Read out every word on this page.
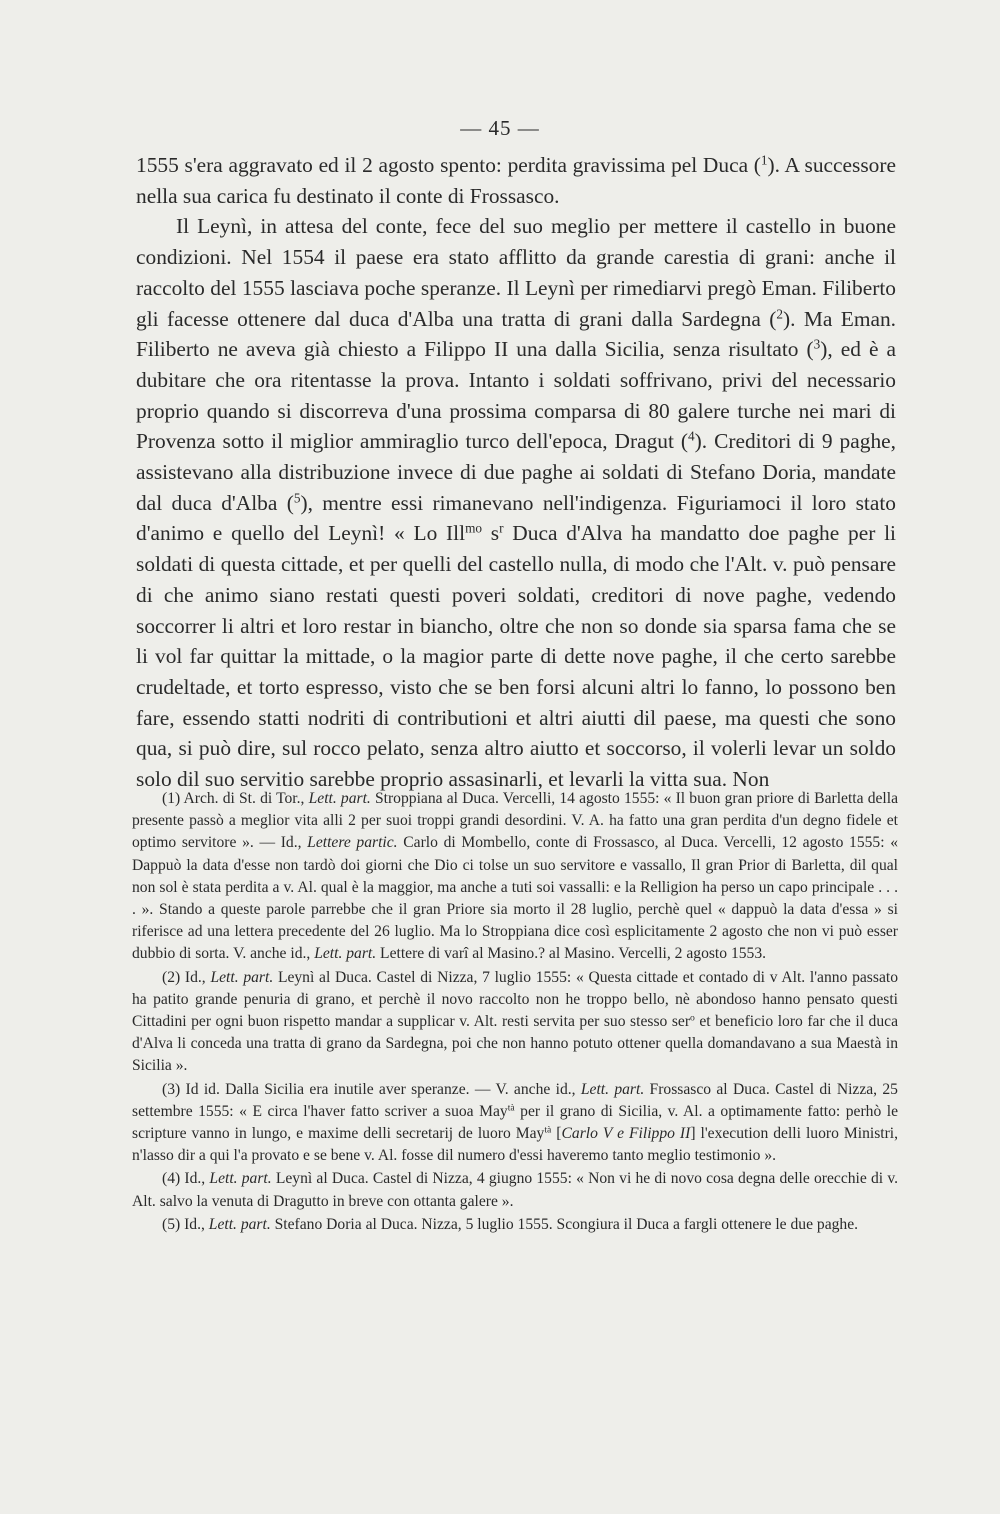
— 45 —

1555 s'era aggravato ed il 2 agosto spento: perdita gravissima pel Duca ($^1$). A successore nella sua carica fu destinato il conte di Frossasco.

Il Leynì, in attesa del conte, fece del suo meglio per mettere il castello in buone condizioni. Nel 1554 il paese era stato afflitto da grande carestia di grani: anche il raccolto del 1555 lasciava poche speranze. Il Leynì per rimediarvi pregò Eman. Filiberto gli facesse ottenere dal duca d'Alba una tratta di grani dalla Sardegna ($^2$). Ma Eman. Filiberto ne aveva già chiesto a Filippo II una dalla Sicilia, senza risultato ($^3$), ed è a dubitare che ora ritentasse la prova. Intanto i soldati soffrivano, privi del necessario proprio quando si discorreva d'una prossima comparsa di 80 galere turche nei mari di Provenza sotto il miglior ammiraglio turco dell'epoca, Dragut ($^4$). Creditori di 9 paghe, assistevano alla distribuzione invece di due paghe ai soldati di Stefano Doria, mandate dal duca d'Alba ($^5$), mentre essi rimanevano nell'indigenza. Figuriamoci il loro stato d'animo e quello del Leynì! « Lo Ill$^{mo}$ $s^r$ Duca d'Alva ha mandatto doe paghe per li soldati di questa cittade, et per quelli del castello nulla, di modo che l'Alt. v. può pensare di che animo siano restati questi poveri soldati, creditori di nove paghe, vedendo soccorrer li altri et loro restar in biancho, oltre che non so donde sia sparsa fama che se li vol far quittar la mittade, o la magior parte di dette nove paghe, il che certo sarebbe crudeltade, et torto espresso, visto che se ben forsi alcuni altri lo fanno, lo possono ben fare, essendo statti nodriti di contributioni et altri aiutti dil paese, ma questi che sono qua, si può dire, sul rocco pelato, senza altro aiutto et soccorso, il volerli levar un soldo solo dil suo servitio sarebbe proprio assasinarli, et levarli la vitta sua. Non

(1) Arch. di St. di Tor., Lett. part. Stroppiana al Duca. Vercelli, 14 agosto 1555: « Il buon gran priore di Barletta della presente passò a meglior vita alli 2 per suoi troppi grandi desordini. V. A. ha fatto una gran perdita d'un degno fidele et optimo servitore ». — Id., Lettere partic. Carlo di Mombello, conte di Frossasco, al Duca. Vercelli, 12 agosto 1555: « Dappuò la data d'esse non tardò doi giorni che Dio ci tolse un suo servitore e vassallo, Il gran Prior di Barletta, dil qual non sol è stata perdita a v. Al. qual è la maggior, ma anche a tuti soi vassalli: e la Relligion ha perso un capo principale . . . . ». Stando a queste parole parrebbe che il gran Priore sia morto il 28 luglio, perchè quel « dappuò la data d'essa » si riferisce ad una lettera precedente del 26 luglio. Ma lo Stroppiana dice così esplicitamente 2 agosto che non vi può esser dubbio di sorta. V. anche id., Lett. part. Lettere di varî al Masino.? al Masino. Vercelli, 2 agosto 1553.

(2) Id., Lett. part. Leynì al Duca. Castel di Nizza, 7 luglio 1555: « Questa cittade et contado di v Alt. l'anno passato ha patito grande penuria di grano, et perchè il novo raccolto non he troppo bello, nè abondoso hanno pensato questi Cittadini per ogni buon rispetto mandar a supplicar v. Alt. resti servita per suo stesso ser$^o$ et beneficio loro far che il duca d'Alva li conceda una tratta di grano da Sardegna, poi che non hanno potuto ottener quella domandavano a sua Maestà in Sicilia ».

(3) Id id. Dalla Sicilia era inutile aver speranze. — V. anche id., Lett. part. Frossasco al Duca. Castel di Nizza, 25 settembre 1555: « E circa l'haver fatto scriver a suoa May$^{tà}$ per il grano di Sicilia, v. Al. a optimamente fatto: perhò le scripture vanno in lungo, e maxime delli secretarij de luoro May$^{tà}$ [Carlo V e Filippo II] l'execution delli luoro Ministri, n'lasso dir a qui l'a provato e se bene v. Al. fosse dil numero d'essi haveremo tanto meglio testimonio ».

(4) Id., Lett. part. Leynì al Duca. Castel di Nizza, 4 giugno 1555: « Non vi he di novo cosa degna delle orecchie di v. Alt. salvo la venuta di Dragutto in breve con ottanta galere ».

(5) Id., Lett. part. Stefano Doria al Duca. Nizza, 5 luglio 1555. Scongiura il Duca a fargli ottenere le due paghe.
